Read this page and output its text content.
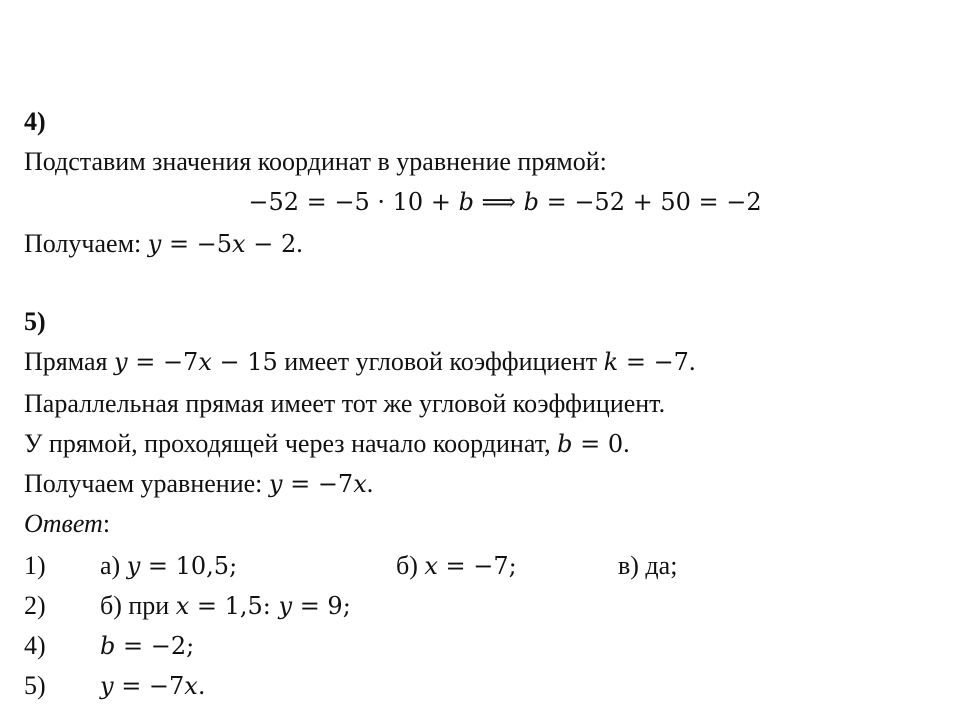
4)
Подставим значения координат в уравнение прямой:
−52 = −5 · 10 + 𝑏 ⟹ 𝑏 = −52 + 50 = −2
Получаем: 𝑦 = −5𝑥 − 2.
5)
Прямая 𝑦 = −7𝑥 − 15 имеет угловой коэффициент 𝑘 = −7.
Параллельная прямая имеет тот же угловой коэффициент.
У прямой, проходящей через начало координат, 𝑏 = 0.
Получаем уравнение: 𝑦 = −7𝑥.
Ответ:
1) а) 𝑦 = 10,5;	б) 𝑥 = −7;	в) да;
2) б) при 𝑥 = 1,5: 𝑦 = 9;
4) 𝑏 = −2;
5) 𝑦 = −7𝑥.
